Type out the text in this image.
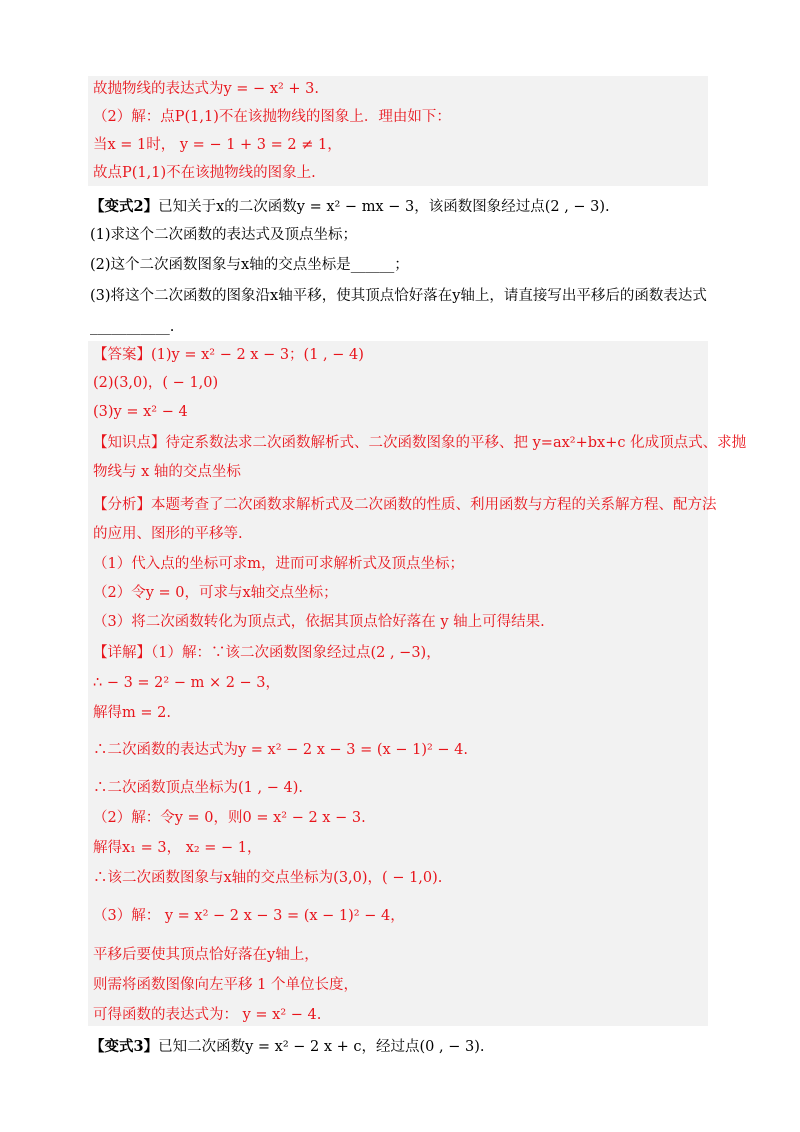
故抛物线的表达式为y = − x² + 3.
（2）解：点P(1,1)不在该抛物线的图象上．理由如下：
当x = 1时， y = − 1 + 3 = 2 ≠ 1，
故点P(1,1)不在该抛物线的图象上.
【变式2】已知关于x的二次函数y = x² − mx − 3，该函数图象经过点(2 , − 3).
(1)求这个二次函数的表达式及顶点坐标；
(2)这个二次函数图象与x轴的交点坐标是______；
(3)将这个二次函数的图象沿x轴平移，使其顶点恰好落在y轴上，请直接写出平移后的函数表达式
___________.
【答案】(1)y = x² − 2 x − 3；(1 , − 4)
(2)(3,0)，( − 1,0)
(3)y = x² − 4
【知识点】待定系数法求二次函数解析式、二次函数图象的平移、把 y=ax²+bx+c 化成顶点式、求抛
物线与 x 轴的交点坐标
【分析】本题考查了二次函数求解析式及二次函数的性质、利用函数与方程的关系解方程、配方法
的应用、图形的平移等.
（1）代入点的坐标可求m，进而可求解析式及顶点坐标；
（2）令y = 0，可求与x轴交点坐标；
（3）将二次函数转化为顶点式，依据其顶点恰好落在 y 轴上可得结果.
【详解】（1）解：∵该二次函数图象经过点(2 , −3)，
∴ − 3 = 2² − m × 2 − 3，
解得m = 2.
∴二次函数的表达式为y = x² − 2 x − 3 = (x − 1)² − 4.
∴二次函数顶点坐标为(1 , − 4).
（2）解：令y = 0，则0 = x² − 2 x − 3.
解得x₁ = 3， x₂ = − 1，
∴该二次函数图象与x轴的交点坐标为(3,0)，( − 1,0).
（3）解： y = x² − 2 x − 3 = (x − 1)² − 4，
平移后要使其顶点恰好落在y轴上，
则需将函数图像向左平移 1 个单位长度，
可得函数的表达式为： y = x² − 4.
【变式3】已知二次函数y = x² − 2 x + c，经过点(0 , − 3).
